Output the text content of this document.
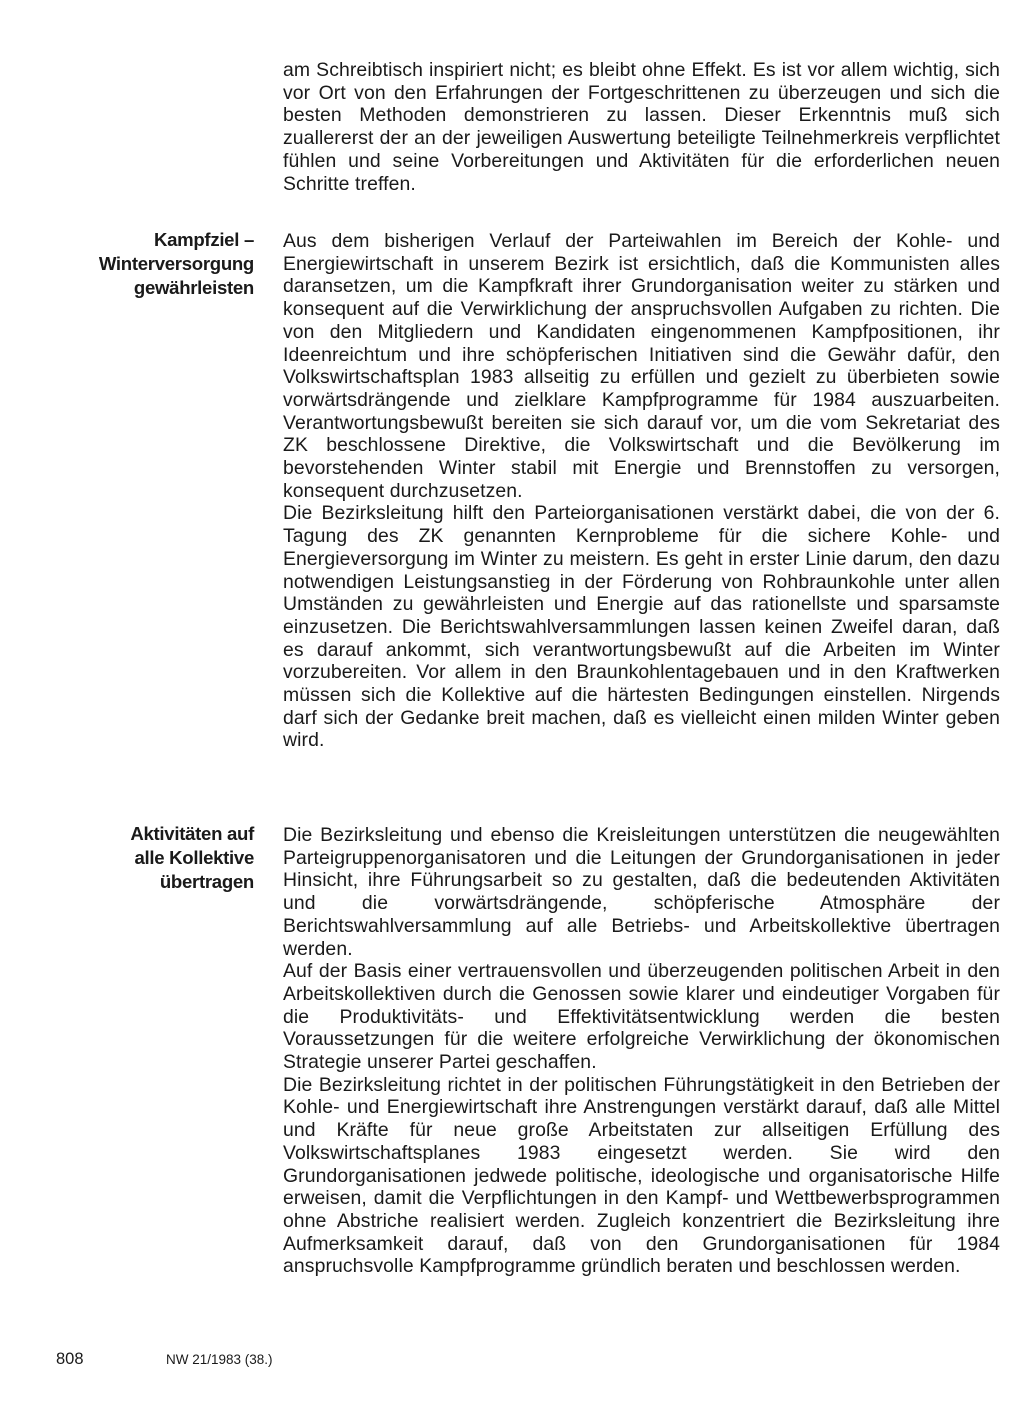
am Schreibtisch inspiriert nicht; es bleibt ohne Effekt. Es ist vor allem wichtig, sich vor Ort von den Erfahrungen der Fortgeschrittenen zu überzeugen und sich die besten Methoden demonstrieren zu lassen. Dieser Erkenntnis muß sich zuallererst der an der jeweiligen Auswertung beteiligte Teilnehmerkreis verpflichtet fühlen und seine Vorbereitungen und Aktivitäten für die erforderlichen neuen Schritte treffen.

Kampfziel –
Winterversorgung
gewährleisten

Aus dem bisherigen Verlauf der Parteiwahlen im Bereich der Kohle- und Energiewirtschaft in unserem Bezirk ist ersichtlich, daß die Kommunisten alles daransetzen, um die Kampfkraft ihrer Grundorganisation weiter zu stärken und konsequent auf die Verwirklichung der anspruchsvollen Aufgaben zu richten. Die von den Mitgliedern und Kandidaten eingenommenen Kampfpositionen, ihr Ideenreichtum und ihre schöpferischen Initiativen sind die Gewähr dafür, den Volkswirtschaftsplan 1983 allseitig zu erfüllen und gezielt zu überbieten sowie vorwärtsdrängende und zielklare Kampfprogramme für 1984 auszuarbeiten. Verantwortungsbewußt bereiten sie sich darauf vor, um die vom Sekretariat des ZK beschlossene Direktive, die Volkswirtschaft und die Bevölkerung im bevorstehenden Winter stabil mit Energie und Brennstoffen zu versorgen, konsequent durchzusetzen.

Die Bezirksleitung hilft den Parteiorganisationen verstärkt dabei, die von der 6. Tagung des ZK genannten Kernprobleme für die sichere Kohle- und Energieversorgung im Winter zu meistern. Es geht in erster Linie darum, den dazu notwendigen Leistungsanstieg in der Förderung von Rohbraunkohle unter allen Umständen zu gewährleisten und Energie auf das rationellste und sparsamste einzusetzen. Die Berichtswahlversammlungen lassen keinen Zweifel daran, daß es darauf ankommt, sich verantwortungsbewußt auf die Arbeiten im Winter vorzubereiten. Vor allem in den Braunkohlentagebauen und in den Kraftwerken müssen sich die Kollektive auf die härtesten Bedingungen einstellen. Nirgends darf sich der Gedanke breit machen, daß es vielleicht einen milden Winter geben wird.

Aktivitäten auf
alle Kollektive
übertragen

Die Bezirksleitung und ebenso die Kreisleitungen unterstützen die neugewählten Parteigruppenorganisatoren und die Leitungen der Grundorganisationen in jeder Hinsicht, ihre Führungsarbeit so zu gestalten, daß die bedeutenden Aktivitäten und die vorwärtsdrängende, schöpferische Atmosphäre der Berichtswahlversammlung auf alle Betriebs- und Arbeitskollektive übertragen werden.

Auf der Basis einer vertrauensvollen und überzeugenden politischen Arbeit in den Arbeitskollektiven durch die Genossen sowie klarer und eindeutiger Vorgaben für die Produktivitäts- und Effektivitätsentwicklung werden die besten Voraussetzungen für die weitere erfolgreiche Verwirklichung der ökonomischen Strategie unserer Partei geschaffen.

Die Bezirksleitung richtet in der politischen Führungstätigkeit in den Betrieben der Kohle- und Energiewirtschaft ihre Anstrengungen verstärkt darauf, daß alle Mittel und Kräfte für neue große Arbeitstaten zur allseitigen Erfüllung des Volkswirtschaftsplanes 1983 eingesetzt werden. Sie wird den Grundorganisationen jedwede politische, ideologische und organisatorische Hilfe erweisen, damit die Verpflichtungen in den Kampf- und Wettbewerbsprogrammen ohne Abstriche realisiert werden. Zugleich konzentriert die Bezirksleitung ihre Aufmerksamkeit darauf, daß von den Grundorganisationen für 1984 anspruchsvolle Kampfprogramme gründlich beraten und beschlossen werden.

808	NW 21/1983 (38.)
